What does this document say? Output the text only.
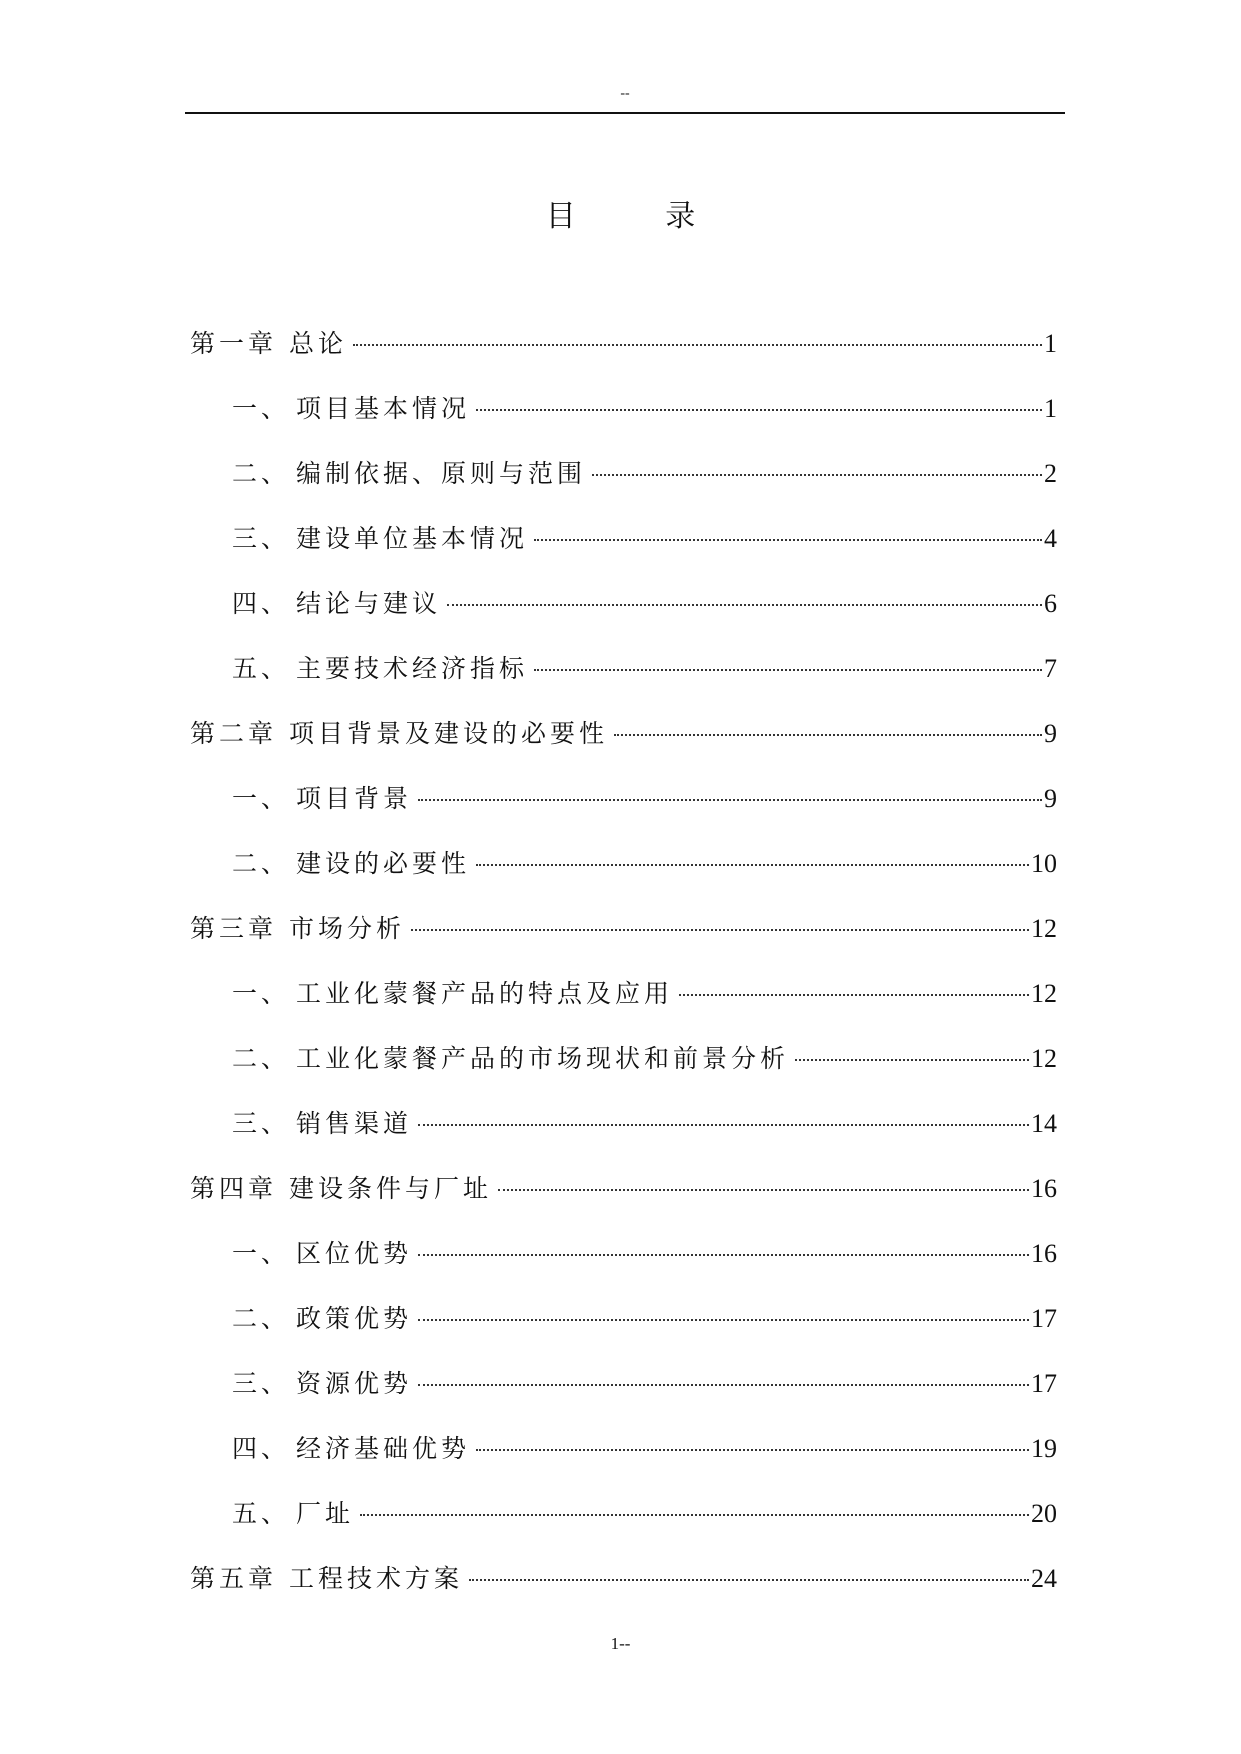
--
目 录
第一章 总论	1
一、 项目基本情况	1
二、 编制依据、原则与范围	2
三、 建设单位基本情况	4
四、 结论与建议	6
五、 主要技术经济指标	7
第二章 项目背景及建设的必要性	9
一、 项目背景	9
二、 建设的必要性	10
第三章 市场分析	12
一、 工业化蒙餐产品的特点及应用	12
二、 工业化蒙餐产品的市场现状和前景分析	12
三、 销售渠道	14
第四章 建设条件与厂址	16
一、 区位优势	16
二、 政策优势	17
三、 资源优势	17
四、 经济基础优势	19
五、 厂址	20
第五章 工程技术方案	24
1--
